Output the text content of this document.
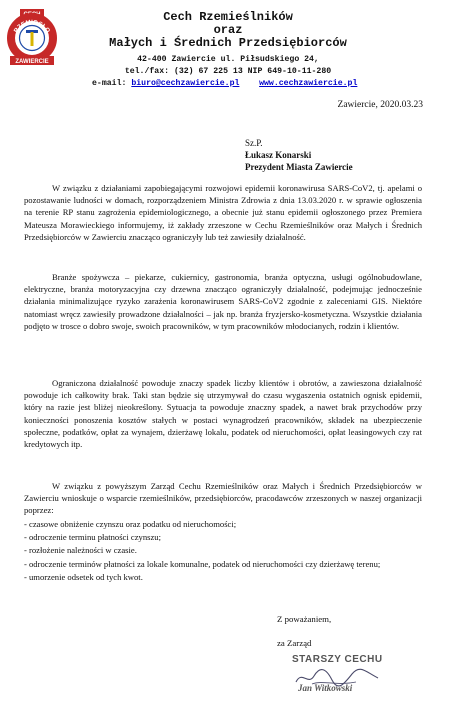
RZEMIOSŁO
ZAWIERCIE
Cech Rzemieślników
oraz
Małych i Średnich Przedsiębiorców
42-400 Zawiercie ul. Piłsudskiego 24,
tel./fax: (32) 67 225 13 NIP 649-10-11-280
e-mail: biuro@cechzawiercie.pl www.cechzawiercie.pl
Zawiercie, 2020.03.23
Sz.P.
Łukasz Konarski
Prezydent Miasta Zawiercie

W związku z działaniami zapobiegającymi rozwojowi epidemii koronawirusa SARS-CoV2, tj. apelami o pozostawanie ludności w domach, rozporządzeniem Ministra Zdrowia z dnia 13.03.2020 r. w sprawie ogłoszenia na terenie RP stanu zagrożenia epidemiologicznego, a obecnie już stanu epidemii ogłoszonego przez Premiera Mateusza Morawieckiego informujemy, iż zakłady zrzeszone w Cechu Rzemieślników oraz Małych i Średnich Przedsiębiorców w Zawierciu znacząco ograniczyły lub też zawiesiły działalność.

Branże spożywcza – piekarze, cukiernicy, gastronomia, branża optyczna, usługi ogólnobudowlane, elektryczne, branża motoryzacyjna czy drzewna znacząco ograniczyły działalność, podejmując jednocześnie działania minimalizujące ryzyko zarażenia koronawirusem SARS-CoV2 zgodnie z zaleceniami GIS. Niektóre natomiast wręcz zawiesiły prowadzone działalności – jak np. branża fryzjersko-kosmetyczna. Wszystkie działania podjęto w trosce o dobro swoje, swoich pracowników, w tym pracowników młodocianych, rodzin i klientów.

Ograniczona działalność powoduje znaczy spadek liczby klientów i obrotów, a zawieszona działalność powoduje ich całkowity brak. Taki stan będzie się utrzymywał do czasu wygaszenia ostatnich ognisk epidemii, który na razie jest bliżej nieokreślony. Sytuacja ta powoduje znaczny spadek, a nawet brak przychodów przy konieczności ponoszenia kosztów stałych w postaci wynagrodzeń pracowników, składek na ubezpieczenie społeczne, podatków, opłat za wynajem, dzierżawę lokalu, podatek od nieruchomości, opłat leasingowych czy rat kredytowych itp.

W związku z powyższym Zarząd Cechu Rzemieślników oraz Małych i Średnich Przedsiębiorców w Zawierciu wnioskuje o wsparcie rzemieślników, przedsiębiorców, pracodawców zrzeszonych w naszej organizacji poprzez:

- czasowe obniżenie czynszu oraz podatku od nieruchomości;
- odroczenie terminu płatności czynszu;
- rozłożenie należności w czasie.
- odroczenie terminów płatności za lokale komunalne, podatek od nieruchomości czy dzierżawę terenu;
- umorzenie odsetek od tych kwot.
Z poważaniem,
za Zarząd
STARSZY CECHU
Jan Witkowski
